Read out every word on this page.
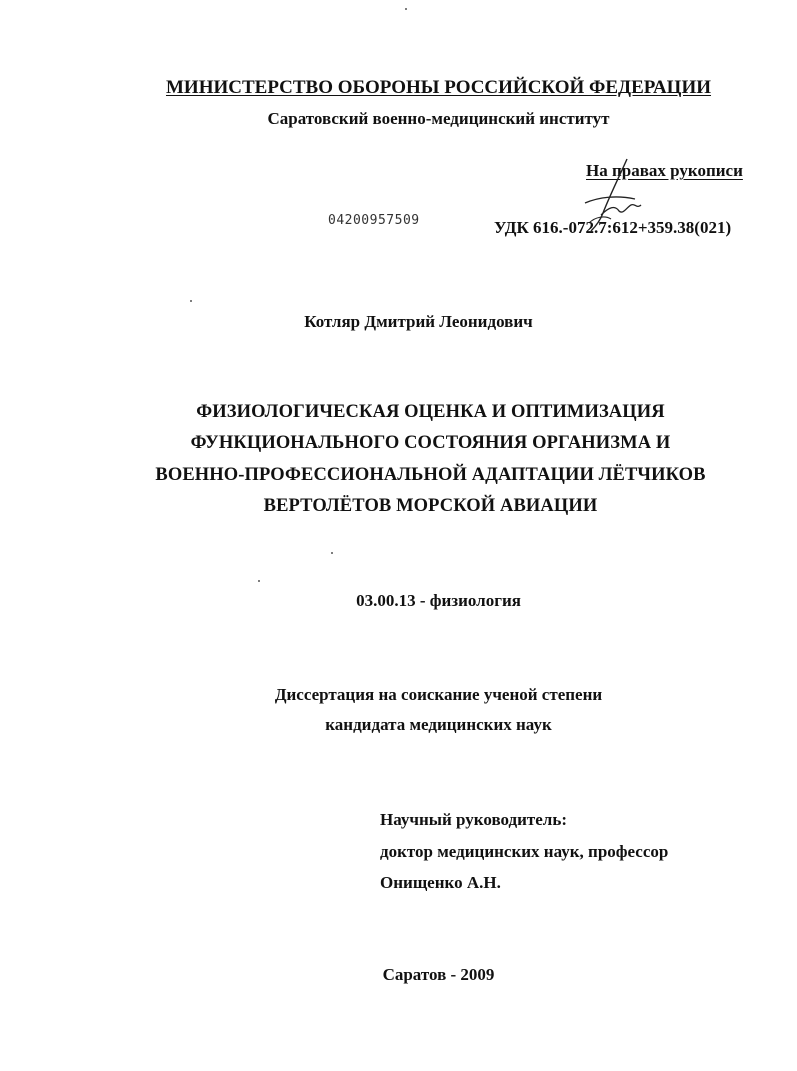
МИНИСТЕРСТВО ОБОРОНЫ РОССИЙСКОЙ ФЕДЕРАЦИИ
Саратовский военно-медицинский институт
На правах рукописи
04200957509	УДК 616.-072.7:612+359.38(021)
Котляр Дмитрий Леонидович
ФИЗИОЛОГИЧЕСКАЯ ОЦЕНКА И ОПТИМИЗАЦИЯ
ФУНКЦИОНАЛЬНОГО СОСТОЯНИЯ ОРГАНИЗМА И
ВОЕННО-ПРОФЕССИОНАЛЬНОЙ АДАПТАЦИИ ЛЁТЧИКОВ
ВЕРТОЛЁТОВ МОРСКОЙ АВИАЦИИ
03.00.13 - физиология
Диссертация на соискание ученой степени
кандидата медицинских наук
Научный руководитель:
доктор медицинских наук, профессор
Онищенко А.Н.
Саратов - 2009
